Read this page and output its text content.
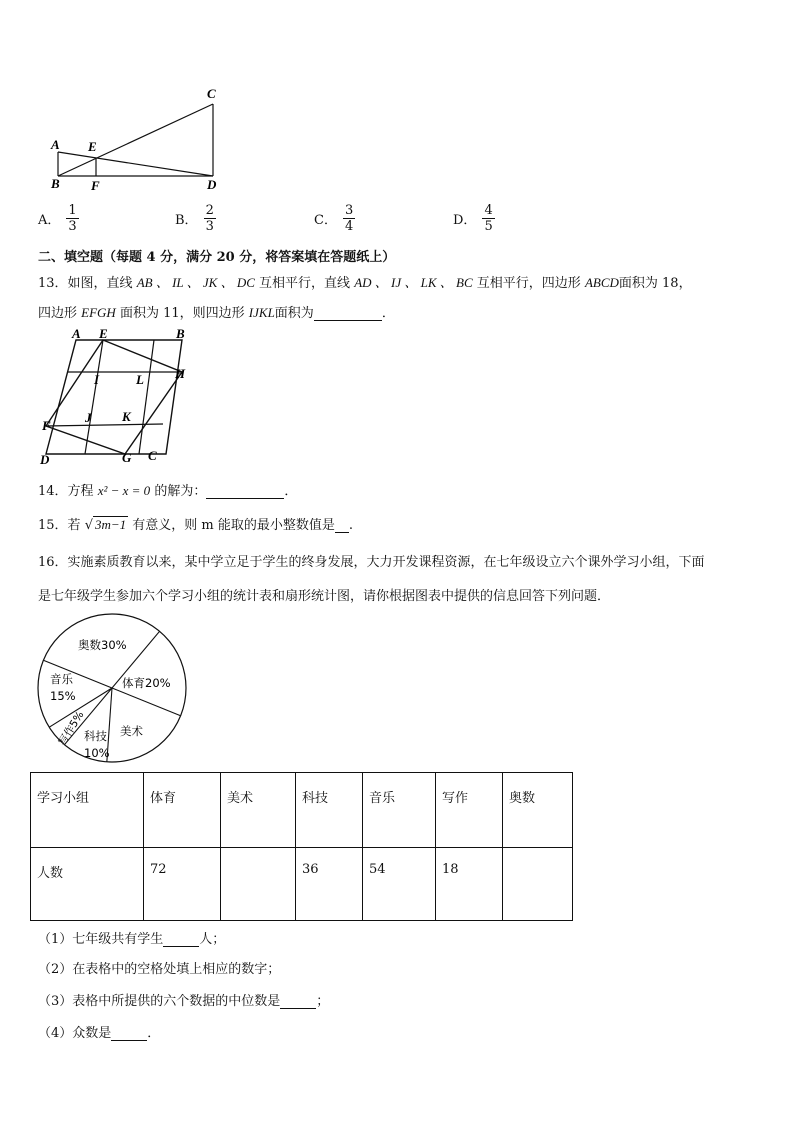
C
A E
B F	D
A． $\frac{1}{3}$	B． $\frac{2}{3}$	C． $\frac{3}{4}$	D． $\frac{4}{5}$
二、填空题（每题 4 分，满分 20 分，将答案填在答题纸上）
13．如图，直线 AB 、 IL 、 JK 、 DC 互相平行，直线 AD 、 IJ 、 LK 、 BC 互相平行，四边形 ABCD面积为 18，
四边形 EFGH 面积为 11，则四边形 IJKL面积为	．
A E	B
I	L H
F
J K
D	G C
14．方程 x² − x = 0 的解为：	．
15．若 √ 3m−1 有意义，则 m 能取的最小整数值是 .
16．实施素质教育以来，某中学立足于学生的终身发展，大力开发课程资源，在七年级设立六个课外学习小组，下面
是七年级学生参加六个学习小组的统计表和扇形统计图，请你根据图表中提供的信息回答下列问题．
奥数30%
体育20%
音乐
15%
美术
科技
10%
写作5%
学习小组	体育	美术	科技	音乐	写作	奥数
人数	72		36	54	18	
（1）七年级共有学生	人；
（2）在表格中的空格处填上相应的数字；
（3）表格中所提供的六个数据的中位数是	；
（4）众数是	．
